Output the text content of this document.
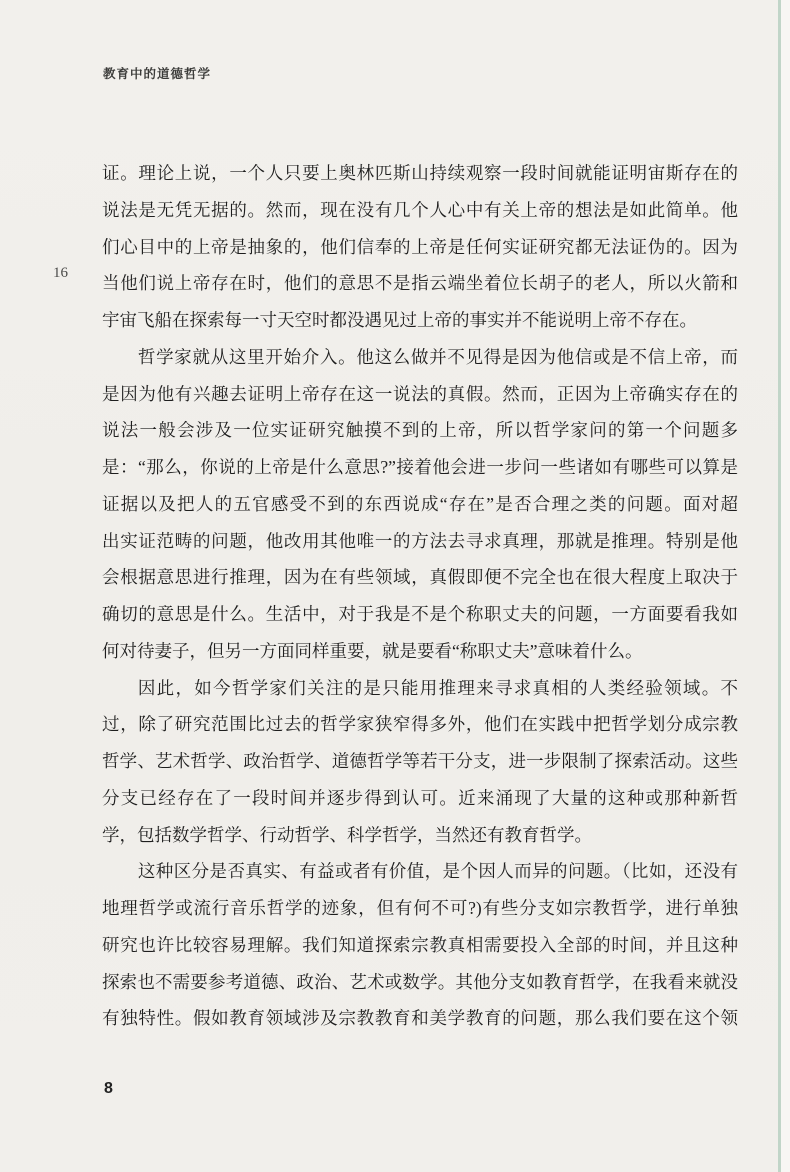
教育中的道德哲学
16
证。理论上说，一个人只要上奥林匹斯山持续观察一段时间就能证明宙斯存在的
说法是无凭无据的。然而，现在没有几个人心中有关上帝的想法是如此简单。他
们心目中的上帝是抽象的，他们信奉的上帝是任何实证研究都无法证伪的。因为
当他们说上帝存在时，他们的意思不是指云端坐着位长胡子的老人，所以火箭和
宇宙飞船在探索每一寸天空时都没遇见过上帝的事实并不能说明上帝不存在。
哲学家就从这里开始介入。他这么做并不见得是因为他信或是不信上帝，而
是因为他有兴趣去证明上帝存在这一说法的真假。然而，正因为上帝确实存在的
说法一般会涉及一位实证研究触摸不到的上帝，所以哲学家问的第一个问题多
是：“那么，你说的上帝是什么意思?”接着他会进一步问一些诸如有哪些可以算是
证据以及把人的五官感受不到的东西说成“存在”是否合理之类的问题。面对超
出实证范畴的问题，他改用其他唯一的方法去寻求真理，那就是推理。特别是他
会根据意思进行推理，因为在有些领域，真假即便不完全也在很大程度上取决于
确切的意思是什么。生活中，对于我是不是个称职丈夫的问题，一方面要看我如
何对待妻子，但另一方面同样重要，就是要看“称职丈夫”意味着什么。
因此，如今哲学家们关注的是只能用推理来寻求真相的人类经验领域。不
过，除了研究范围比过去的哲学家狭窄得多外，他们在实践中把哲学划分成宗教
哲学、艺术哲学、政治哲学、道德哲学等若干分支，进一步限制了探索活动。这些
分支已经存在了一段时间并逐步得到认可。近来涌现了大量的这种或那种新哲
学，包括数学哲学、行动哲学、科学哲学，当然还有教育哲学。
这种区分是否真实、有益或者有价值，是个因人而异的问题。（比如，还没有
地理哲学或流行音乐哲学的迹象，但有何不可?)有些分支如宗教哲学，进行单独
研究也许比较容易理解。我们知道探索宗教真相需要投入全部的时间，并且这种
探索也不需要参考道德、政治、艺术或数学。其他分支如教育哲学，在我看来就没
有独特性。假如教育领域涉及宗教教育和美学教育的问题，那么我们要在这个领
8
